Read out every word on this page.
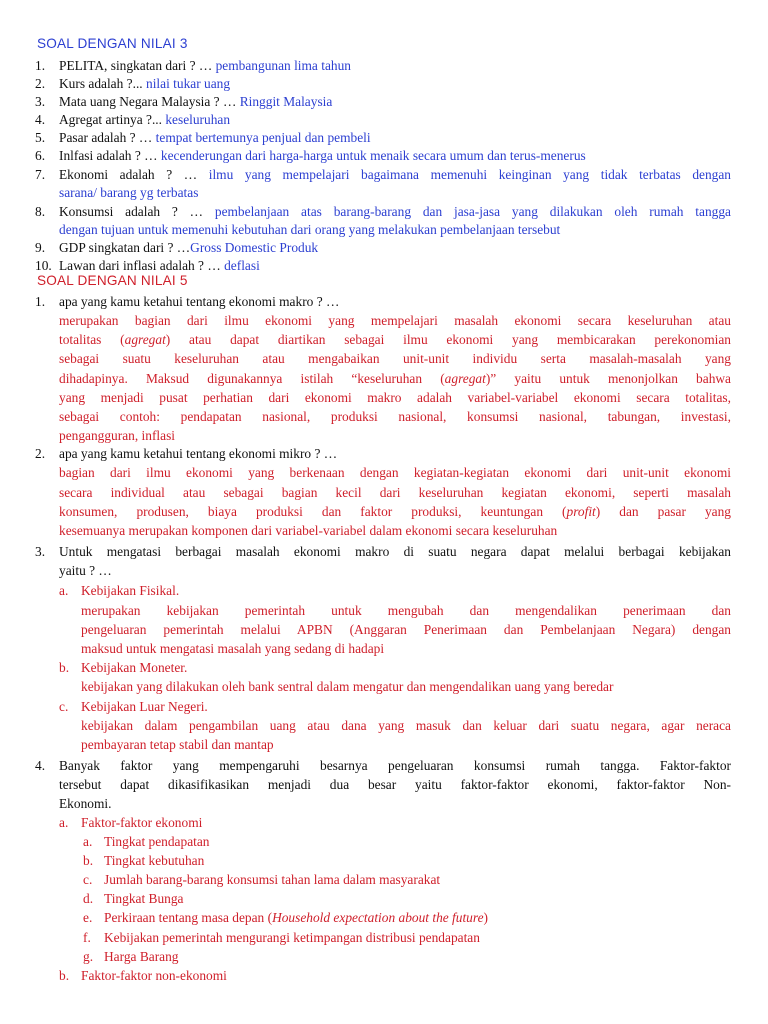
SOAL DENGAN NILAI 3
1. PELITA, singkatan dari ? … pembangunan lima tahun
2. Kurs adalah ?... nilai tukar uang
3. Mata uang Negara Malaysia ? … Ringgit Malaysia
4. Agregat artinya ?... keseluruhan
5. Pasar adalah ? … tempat bertemunya penjual dan pembeli
6. Inlfasi adalah ? … kecenderungan dari harga-harga untuk menaik secara umum dan terus-menerus
7. Ekonomi adalah ? … ilmu yang mempelajari bagaimana memenuhi keinginan yang tidak terbatas dengan
sarana/ barang yg terbatas
8. Konsumsi adalah ? … pembelanjaan atas barang-barang dan jasa-jasa yang dilakukan oleh rumah tangga
dengan tujuan untuk memenuhi kebutuhan dari orang yang melakukan pembelanjaan tersebut
9. GDP singkatan dari ? …Gross Domestic Produk
10. Lawan dari inflasi adalah ? … deflasi
SOAL DENGAN NILAI 5
1. apa yang kamu ketahui tentang ekonomi makro ? …
merupakan bagian dari ilmu ekonomi yang mempelajari masalah ekonomi secara keseluruhan atau
totalitas (agregat) atau dapat diartikan sebagai ilmu ekonomi yang membicarakan perekonomian
sebagai suatu keseluruhan atau mengabaikan unit-unit individu serta masalah-masalah yang
dihadapinya. Maksud digunakannya istilah “keseluruhan (agregat)” yaitu untuk menonjolkan bahwa
yang menjadi pusat perhatian dari ekonomi makro adalah variabel-variabel ekonomi secara totalitas,
sebagai contoh: pendapatan nasional, produksi nasional, konsumsi nasional, tabungan, investasi,
pengangguran, inflasi
2. apa yang kamu ketahui tentang ekonomi mikro ? …
bagian dari ilmu ekonomi yang berkenaan dengan kegiatan-kegiatan ekonomi dari unit-unit ekonomi
secara individual atau sebagai bagian kecil dari keseluruhan kegiatan ekonomi, seperti masalah
konsumen, produsen, biaya produksi dan faktor produksi, keuntungan (profit) dan pasar yang
kesemuanya merupakan komponen dari variabel-variabel dalam ekonomi secara keseluruhan
3. Untuk mengatasi berbagai masalah ekonomi makro di suatu negara dapat melalui berbagai kebijakan
yaitu ? …
a. Kebijakan Fisikal.
merupakan kebijakan pemerintah untuk mengubah dan mengendalikan penerimaan dan
pengeluaran pemerintah melalui APBN (Anggaran Penerimaan dan Pembelanjaan Negara) dengan
maksud untuk mengatasi masalah yang sedang di hadapi
b. Kebijakan Moneter.
kebijakan yang dilakukan oleh bank sentral dalam mengatur dan mengendalikan uang yang beredar
c. Kebijakan Luar Negeri.
kebijakan dalam pengambilan uang atau dana yang masuk dan keluar dari suatu negara, agar neraca
pembayaran tetap stabil dan mantap
4. Banyak faktor yang mempengaruhi besarnya pengeluaran konsumsi rumah tangga. Faktor-faktor
tersebut dapat dikasifikasikan menjadi dua besar yaitu faktor-faktor ekonomi, faktor-faktor Non-
Ekonomi.
a. Faktor-faktor ekonomi
a. Tingkat pendapatan
b. Tingkat kebutuhan
c. Jumlah barang-barang konsumsi tahan lama dalam masyarakat
d. Tingkat Bunga
e. Perkiraan tentang masa depan (Household expectation about the future)
f. Kebijakan pemerintah mengurangi ketimpangan distribusi pendapatan
g. Harga Barang
b. Faktor-faktor non-ekonomi
